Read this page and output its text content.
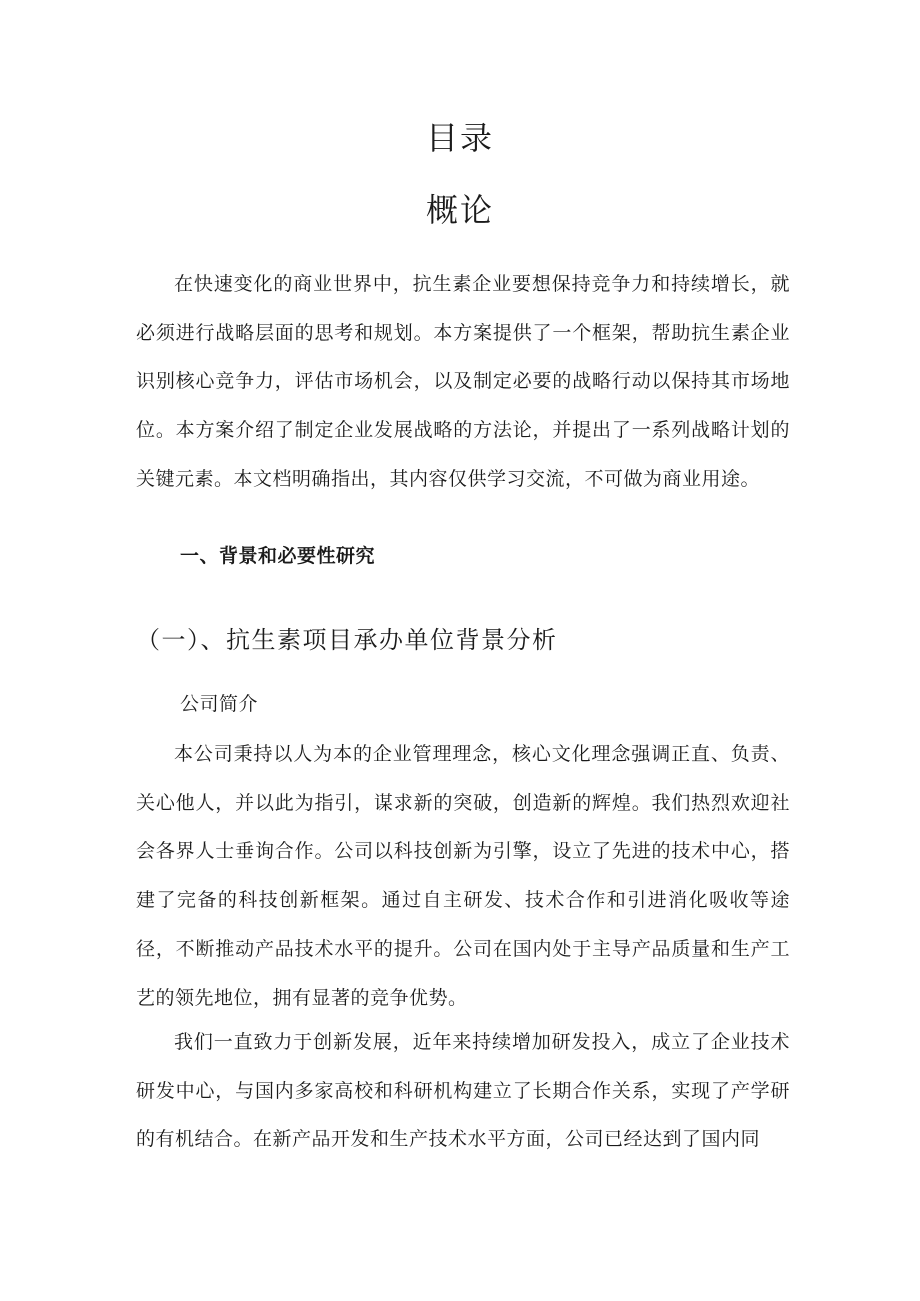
目录
概论

在快速变化的商业世界中，抗生素企业要想保持竞争力和持续增长，就必须进行战略层面的思考和规划。本方案提供了一个框架，帮助抗生素企业识别核心竞争力，评估市场机会，以及制定必要的战略行动以保持其市场地位。本方案介绍了制定企业发展战略的方法论，并提出了一系列战略计划的关键元素。本文档明确指出，其内容仅供学习交流，不可做为商业用途。

一、背景和必要性研究
（一）、抗生素项目承办单位背景分析
公司简介

本公司秉持以人为本的企业管理理念，核心文化理念强调正直、负责、关心他人，并以此为指引，谋求新的突破，创造新的辉煌。我们热烈欢迎社会各界人士垂询合作。公司以科技创新为引擎，设立了先进的技术中心，搭建了完备的科技创新框架。通过自主研发、技术合作和引进消化吸收等途径，不断推动产品技术水平的提升。公司在国内处于主导产品质量和生产工艺的领先地位，拥有显著的竞争优势。

我们一直致力于创新发展，近年来持续增加研发投入，成立了企业技术研发中心，与国内多家高校和科研机构建立了长期合作关系，实现了产学研的有机结合。在新产品开发和生产技术水平方面，公司已经达到了国内同
